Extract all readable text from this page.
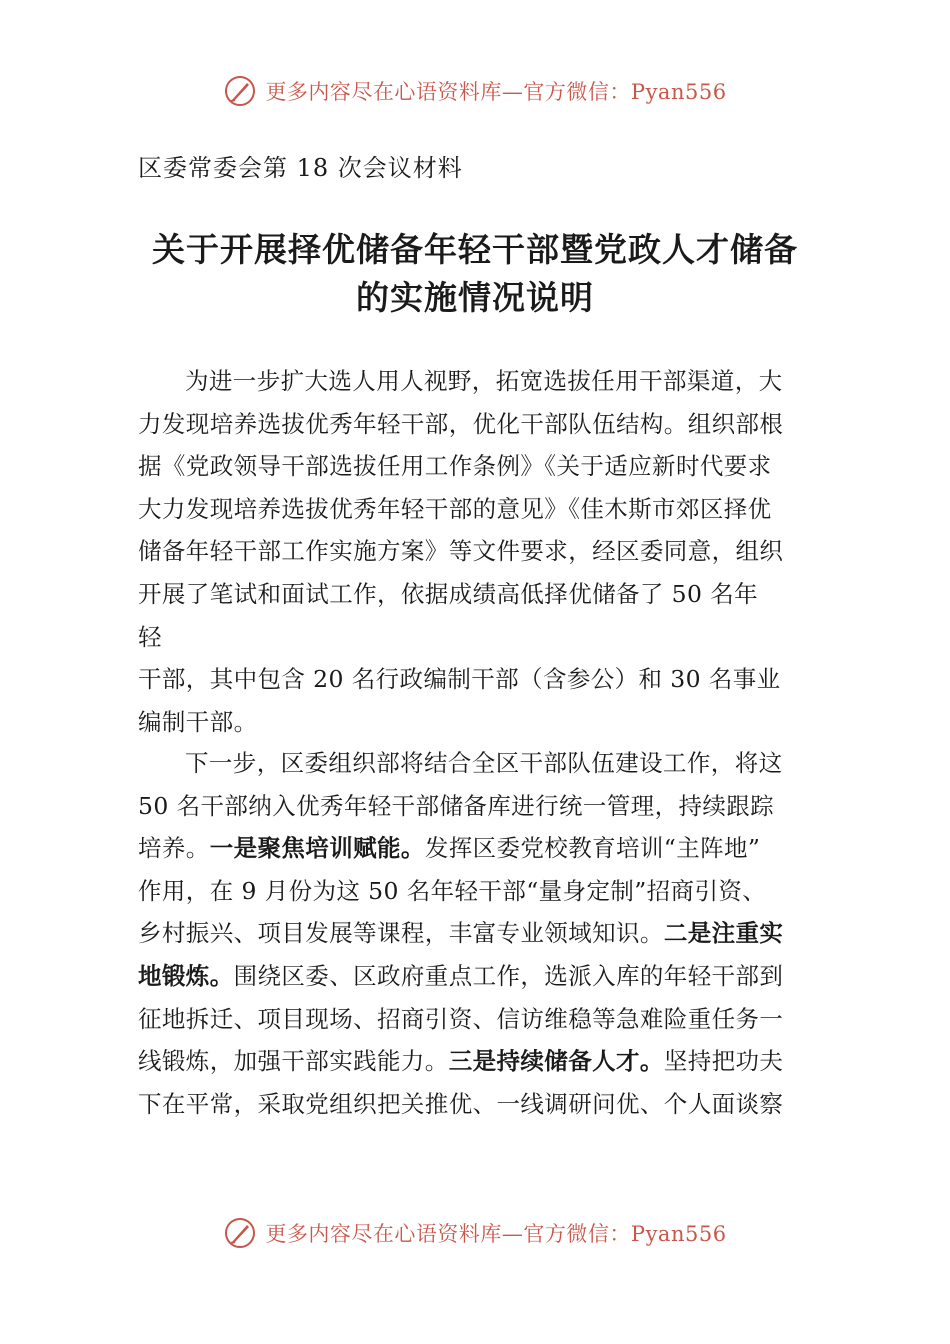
更多内容尽在心语资料库—官方微信：Pyan556
区委常委会第 18 次会议材料
关于开展择优储备年轻干部暨党政人才储备
的实施情况说明

为进一步扩大选人用人视野，拓宽选拔任用干部渠道，大

力发现培养选拔优秀年轻干部，优化干部队伍结构。组织部根

据《党政领导干部选拔任用工作条例》《关于适应新时代要求

大力发现培养选拔优秀年轻干部的意见》《佳木斯市郊区择优

储备年轻干部工作实施方案》等文件要求，经区委同意，组织

开展了笔试和面试工作，依据成绩高低择优储备了 50 名年

轻

干部，其中包含 20 名行政编制干部（含参公）和 30 名事业

编制干部。

下一步，区委组织部将结合全区干部队伍建设工作，将这

50 名干部纳入优秀年轻干部储备库进行统一管理，持续跟踪

培养。一是聚焦培训赋能。发挥区委党校教育培训“主阵地”

作用，在 9 月份为这 50 名年轻干部“量身定制”招商引资、

乡村振兴、项目发展等课程，丰富专业领域知识。二是注重实

地锻炼。围绕区委、区政府重点工作，选派入库的年轻干部到

征地拆迁、项目现场、招商引资、信访维稳等急难险重任务一

线锻炼，加强干部实践能力。三是持续储备人才。坚持把功夫

下在平常，采取党组织把关推优、一线调研问优、个人面谈察

更多内容尽在心语资料库—官方微信：Pyan556
